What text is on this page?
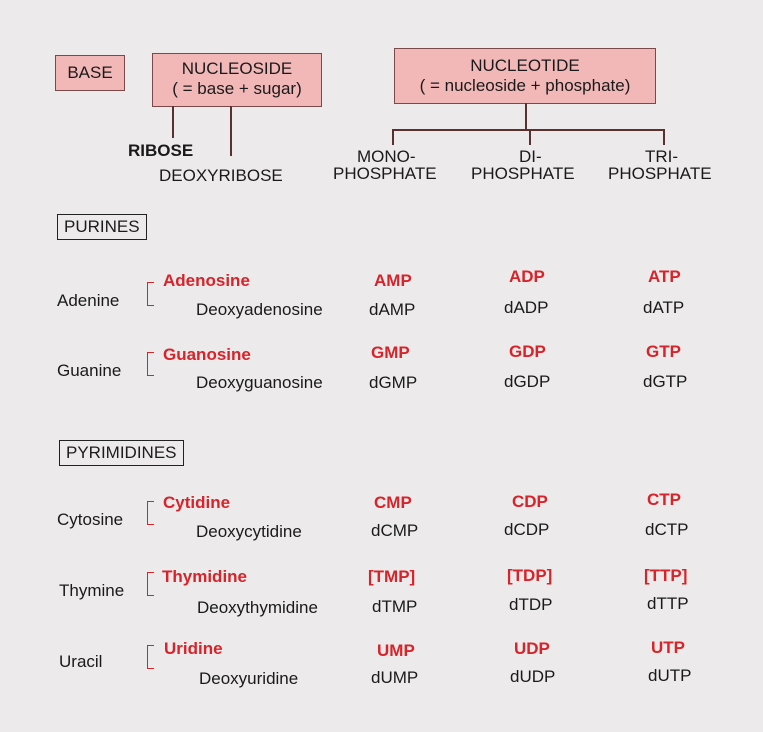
BASE	NUCLEOSIDE
( = base + sugar)
NUCLEOTIDE
( = nucleoside + phosphate)
RIBOSE
DEOXYRIBOSE
MONO-
PHOSPHATE
DI-
PHOSPHATE
TRI-
PHOSPHATE
PURINES
Adenine
Adenosine
Deoxyadenosine
AMP
dAMP
ADP
dADP
ATP
dATP
Guanine
Guanosine
Deoxyguanosine
GMP
dGMP
GDP
dGDP
GTP
dGTP
PYRIMIDINES
Cytosine
Cytidine
Deoxycytidine
CMP
dCMP
CDP
dCDP
CTP
dCTP
Thymine
Thymidine
Deoxythymidine
[TMP]
dTMP
[TDP]
dTDP
[TTP]
dTTP
Uracil
Uridine
Deoxyuridine
UMP
dUMP
UDP
dUDP
UTP
dUTP
